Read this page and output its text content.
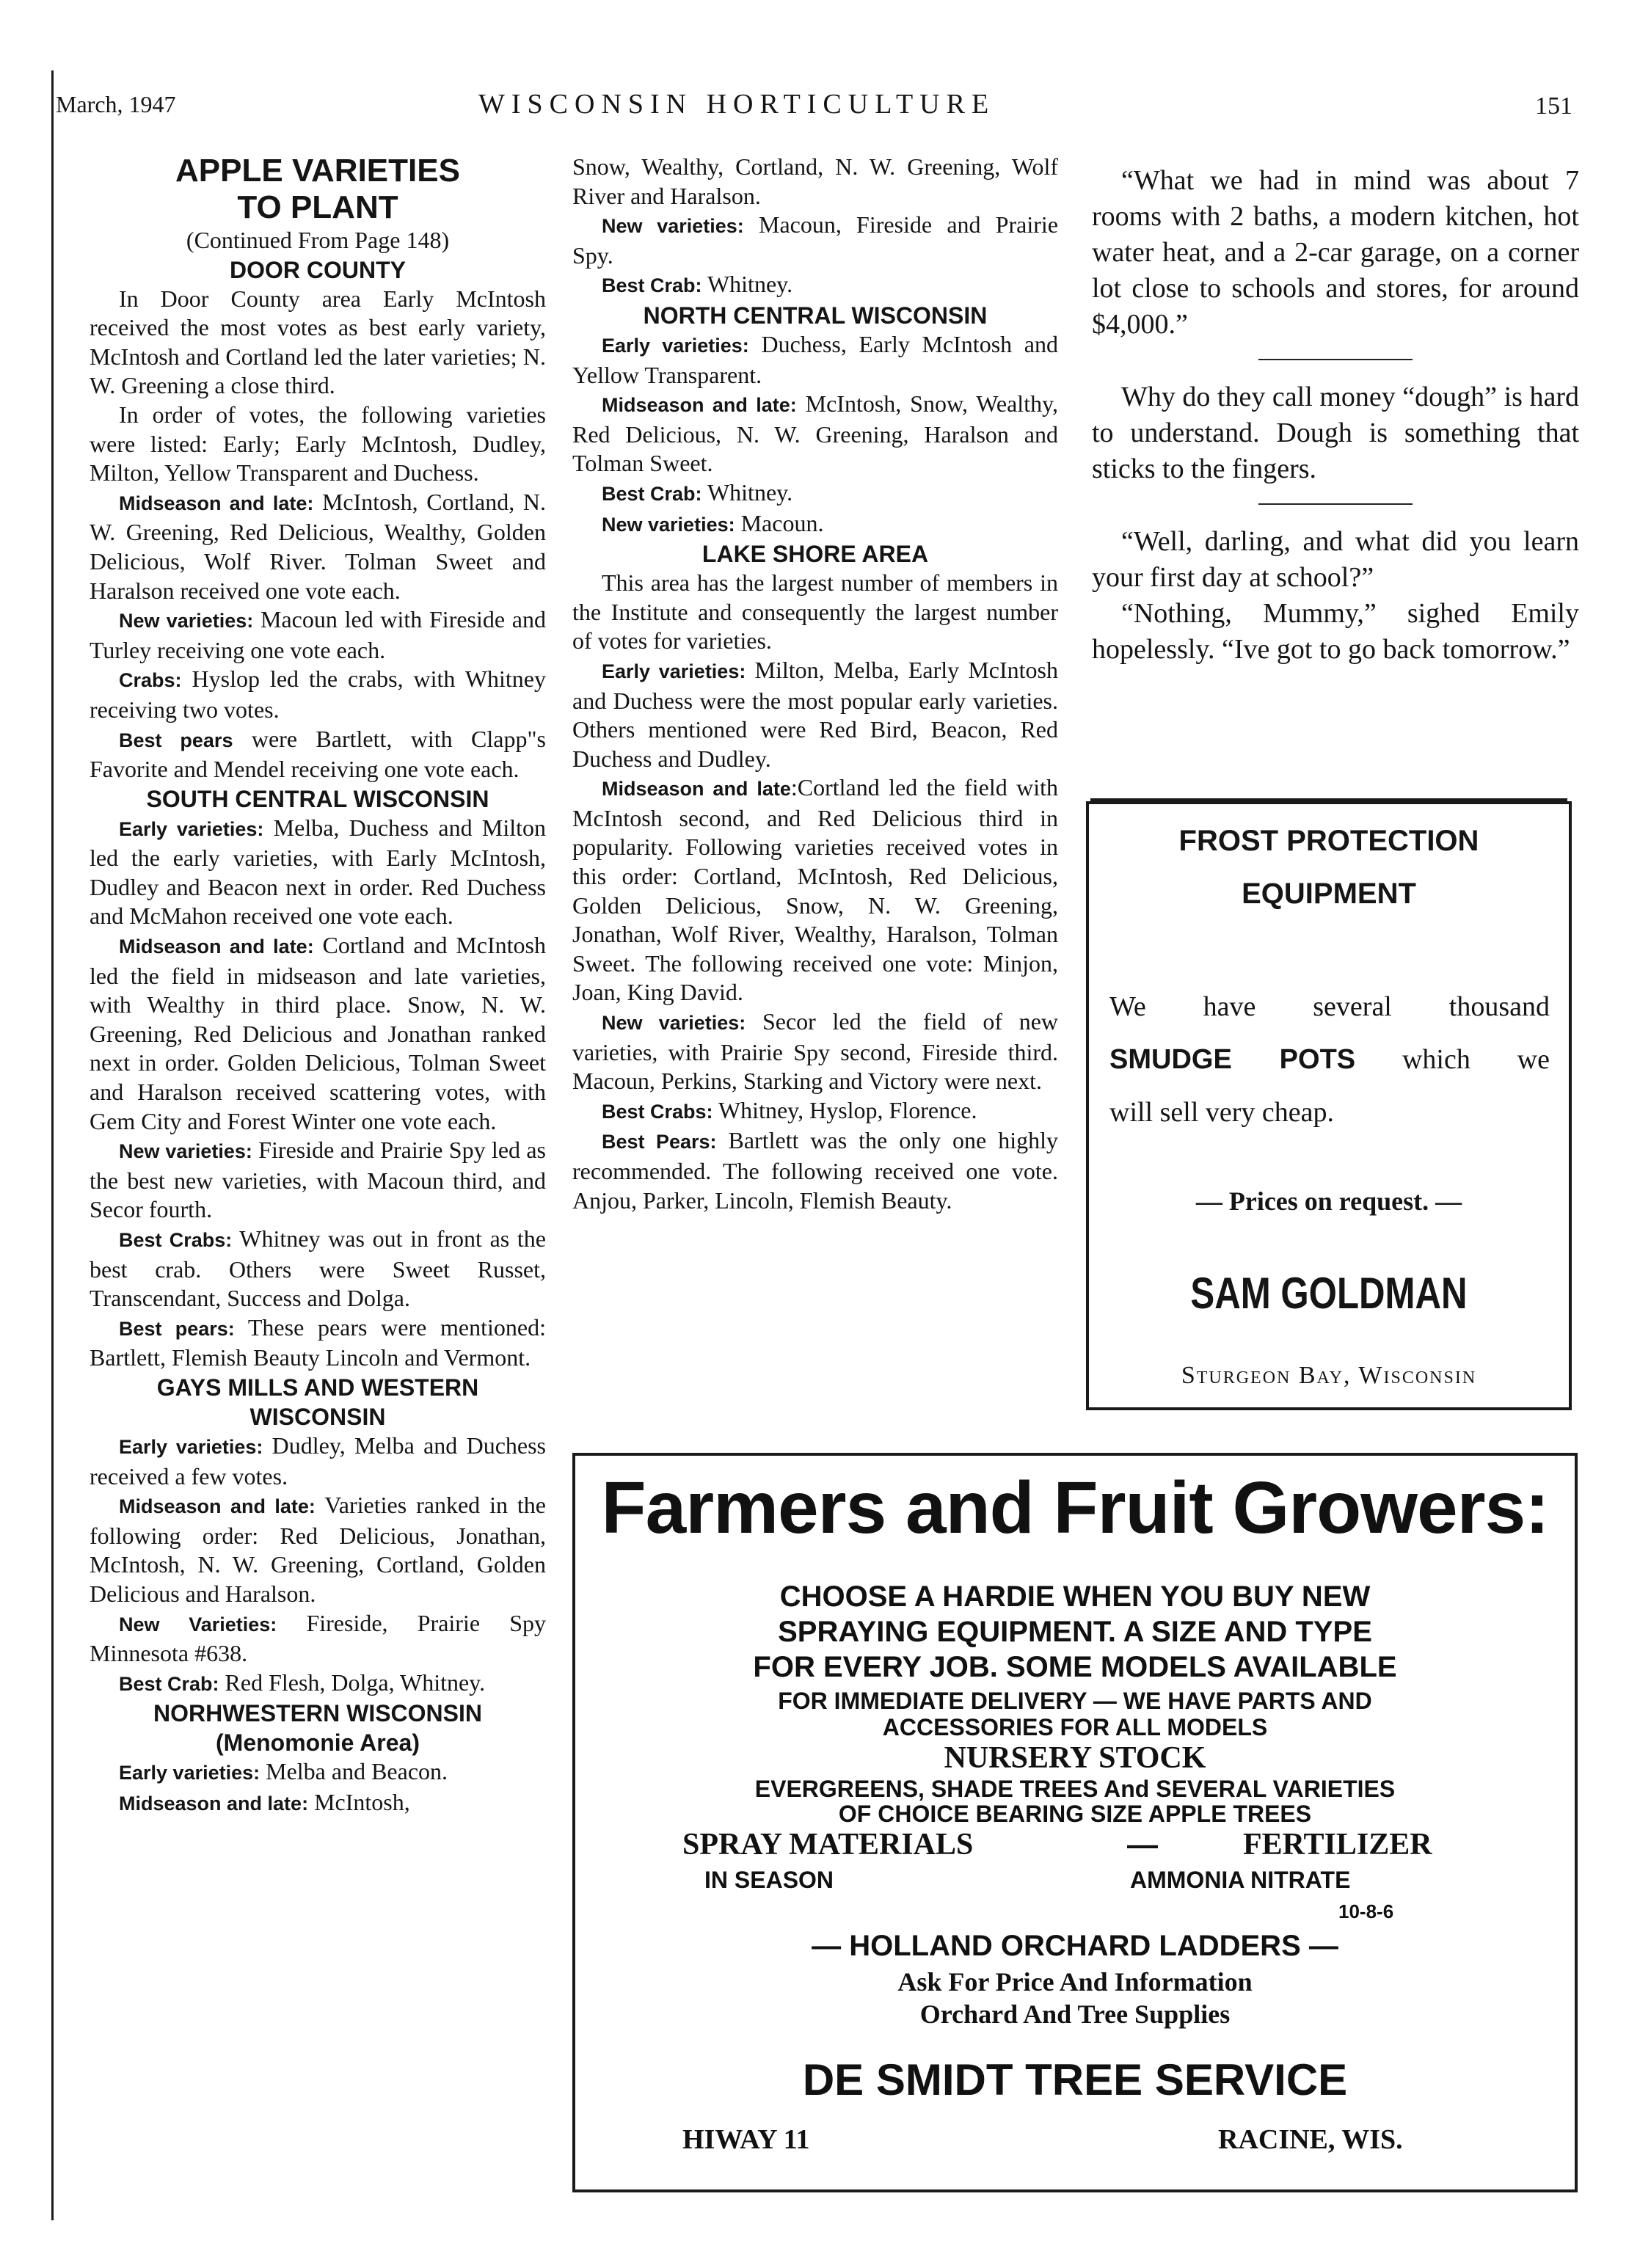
March, 1947	WISCONSIN HORTICULTURE	151
APPLE VARIETIES
TO PLANT

(Continued From Page 148)

DOOR COUNTY

In Door County area Early McIntosh received the most votes as best early variety, McIntosh and Cortland led the later varieties; N. W. Greening a close third.

In order of votes, the following varieties were listed: Early; Early McIntosh, Dudley, Milton, Yellow Transparent and Duchess.

Midseason and late: McIntosh, Cortland, N. W. Greening, Red Delicious, Wealthy, Golden Delicious, Wolf River. Tolman Sweet and Haralson received one vote each.

New varieties: Macoun led with Fireside and Turley receiving one vote each.

Crabs: Hyslop led the crabs, with Whitney receiving two votes.

Best pears were Bartlett, with Clapp"s Favorite and Mendel receiving one vote each.

SOUTH CENTRAL WISCONSIN

Early varieties: Melba, Duchess and Milton led the early varieties, with Early McIntosh, Dudley and Beacon next in order. Red Duchess and McMahon received one vote each.

Midseason and late: Cortland and McIntosh led the field in midseason and late varieties, with Wealthy in third place. Snow, N. W. Greening, Red Delicious and Jonathan ranked next in order. Golden Delicious, Tolman Sweet and Haralson received scattering votes, with Gem City and Forest Winter one vote each.

New varieties: Fireside and Prairie Spy led as the best new varieties, with Macoun third, and Secor fourth.

Best Crabs: Whitney was out in front as the best crab. Others were Sweet Russet, Transcendant, Success and Dolga.

Best pears: These pears were mentioned: Bartlett, Flemish Beauty Lincoln and Vermont.

GAYS MILLS AND WESTERN WISCONSIN

Early varieties: Dudley, Melba and Duchess received a few votes.

Midseason and late: Varieties ranked in the following order: Red Delicious, Jonathan, McIntosh, N. W. Greening, Cortland, Golden Delicious and Haralson.

New Varieties: Fireside, Prairie Spy Minnesota #638.

Best Crab: Red Flesh, Dolga, Whitney.

NORHWESTERN WISCONSIN
(Menomonie Area)

Early varieties: Melba and Beacon.

Midseason and late: McIntosh,

Snow, Wealthy, Cortland, N. W. Greening, Wolf River and Haralson.

New varieties: Macoun, Fireside and Prairie Spy.

Best Crab: Whitney.

NORTH CENTRAL WISCONSIN

Early varieties: Duchess, Early McIntosh and Yellow Transparent.

Midseason and late: McIntosh, Snow, Wealthy, Red Delicious, N. W. Greening, Haralson and Tolman Sweet.

Best Crab: Whitney.

New varieties: Macoun.

LAKE SHORE AREA

This area has the largest number of members in the Institute and consequently the largest number of votes for varieties.

Early varieties: Milton, Melba, Early McIntosh and Duchess were the most popular early varieties. Others mentioned were Red Bird, Beacon, Red Duchess and Dudley.

Midseason and late:Cortland led the field with McIntosh second, and Red Delicious third in popularity. Following varieties received votes in this order: Cortland, McIntosh, Red Delicious, Golden Delicious, Snow, N. W. Greening, Jonathan, Wolf River, Wealthy, Haralson, Tolman Sweet. The following received one vote: Minjon, Joan, King David.

New varieties: Secor led the field of new varieties, with Prairie Spy second, Fireside third. Macoun, Perkins, Starking and Victory were next.

Best Crabs: Whitney, Hyslop, Florence.

Best Pears: Bartlett was the only one highly recommended. The following received one vote. Anjou, Parker, Lincoln, Flemish Beauty.

“What we had in mind was about 7 rooms with 2 baths, a modern kitchen, hot water heat, and a 2-car garage, on a corner lot close to schools and stores, for around $4,000.”

Why do they call money “dough” is hard to understand. Dough is something that sticks to the fingers.

“Well, darling, and what did you learn your first day at school?”

“Nothing, Mummy,” sighed Emily hopelessly. “Ive got to go back tomorrow.”

FROST PROTECTION
EQUIPMENT
We have several thousand
SMUDGE POTS which we
will sell very cheap.
— Prices on request. —
SAM GOLDMAN
Sturgeon Bay, Wisconsin
Farmers and Fruit Growers:
CHOOSE A HARDIE WHEN YOU BUY NEW
SPRAYING EQUIPMENT. A SIZE AND TYPE
FOR EVERY JOB. SOME MODELS AVAILABLE
FOR IMMEDIATE DELIVERY — WE HAVE PARTS AND
ACCESSORIES FOR ALL MODELS
NURSERY STOCK
EVERGREENS, SHADE TREES And SEVERAL VARIETIES
OF CHOICE BEARING SIZE APPLE TREES
SPRAY MATERIALS	—	FERTILIZER
IN SEASON	AMMONIA NITRATE
10-8-6
— HOLLAND ORCHARD LADDERS —
Ask For Price And Information
Orchard And Tree Supplies
DE SMIDT TREE SERVICE
HIWAY 11	RACINE, WIS.
